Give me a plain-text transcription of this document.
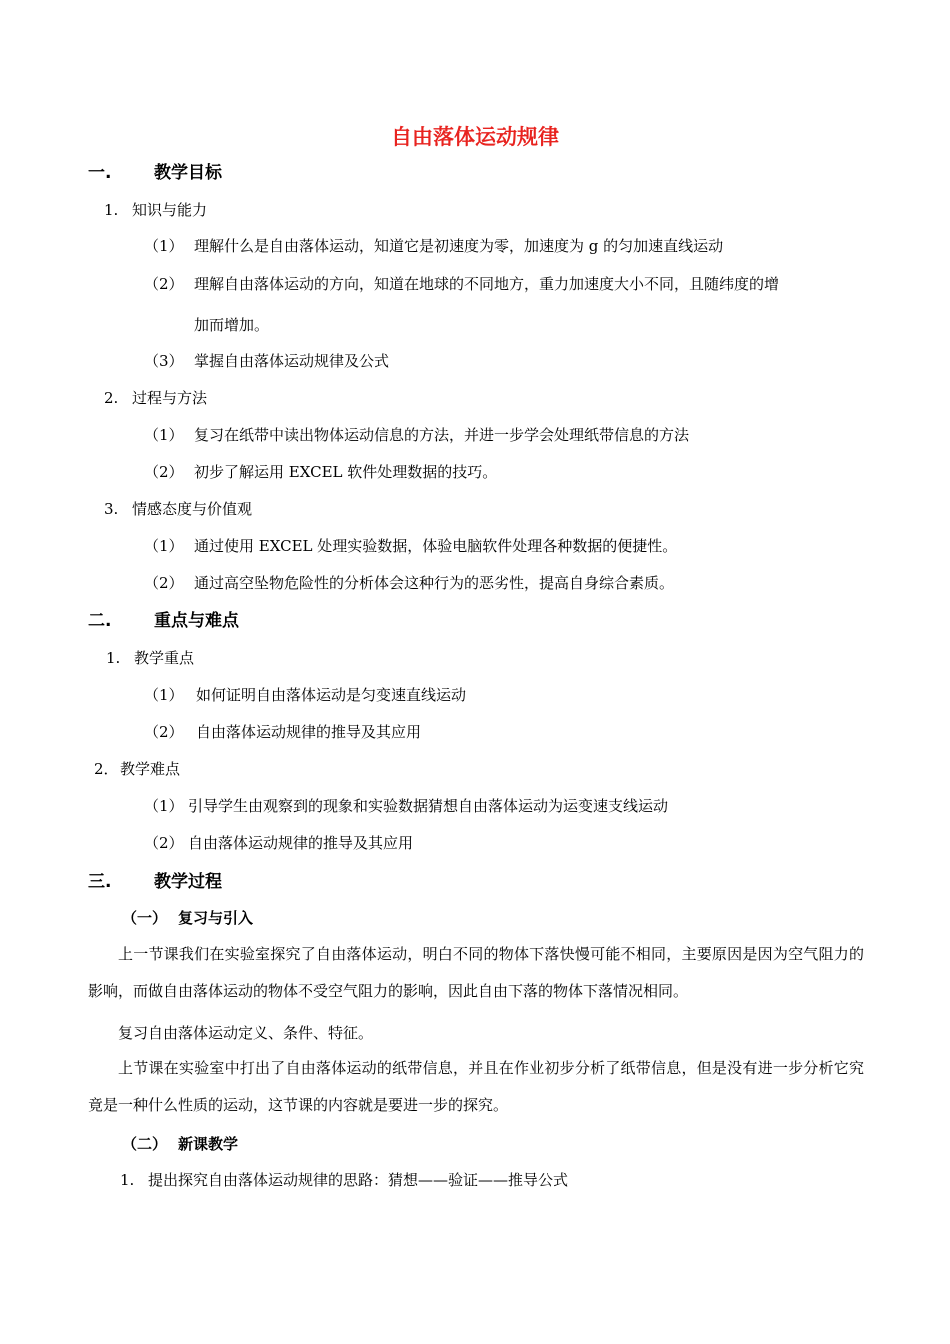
自由落体运动规律
一.	教学目标
1. 知识与能力
（1） 理解什么是自由落体运动，知道它是初速度为零，加速度为 g 的匀加速直线运动
（2） 理解自由落体运动的方向，知道在地球的不同地方，重力加速度大小不同，且随纬度的增
加而增加。
（3） 掌握自由落体运动规律及公式
2. 过程与方法
（1） 复习在纸带中读出物体运动信息的方法，并进一步学会处理纸带信息的方法
（2） 初步了解运用 EXCEL 软件处理数据的技巧。
3. 情感态度与价值观
（1） 通过使用 EXCEL 处理实验数据，体验电脑软件处理各种数据的便捷性。
（2） 通过高空坠物危险性的分析体会这种行为的恶劣性，提高自身综合素质。
二.	重点与难点
1. 教学重点
（1） 如何证明自由落体运动是匀变速直线运动
（2） 自由落体运动规律的推导及其应用
2． 教学难点
（1） 引导学生由观察到的现象和实验数据猜想自由落体运动为运变速支线运动
（2） 自由落体运动规律的推导及其应用
三.	教学过程
（一） 复习与引入
上一节课我们在实验室探究了自由落体运动，明白不同的物体下落快慢可能不相同，主要原因是因为空气阻力的影响，而做自由落体运动的物体不受空气阻力的影响，因此自由下落的物体下落情况相同。
复习自由落体运动定义、条件、特征。
上节课在实验室中打出了自由落体运动的纸带信息，并且在作业初步分析了纸带信息，但是没有进一步分析它究竟是一种什么性质的运动，这节课的内容就是要进一步的探究。
（二） 新课教学
1. 提出探究自由落体运动规律的思路：猜想——验证——推导公式
